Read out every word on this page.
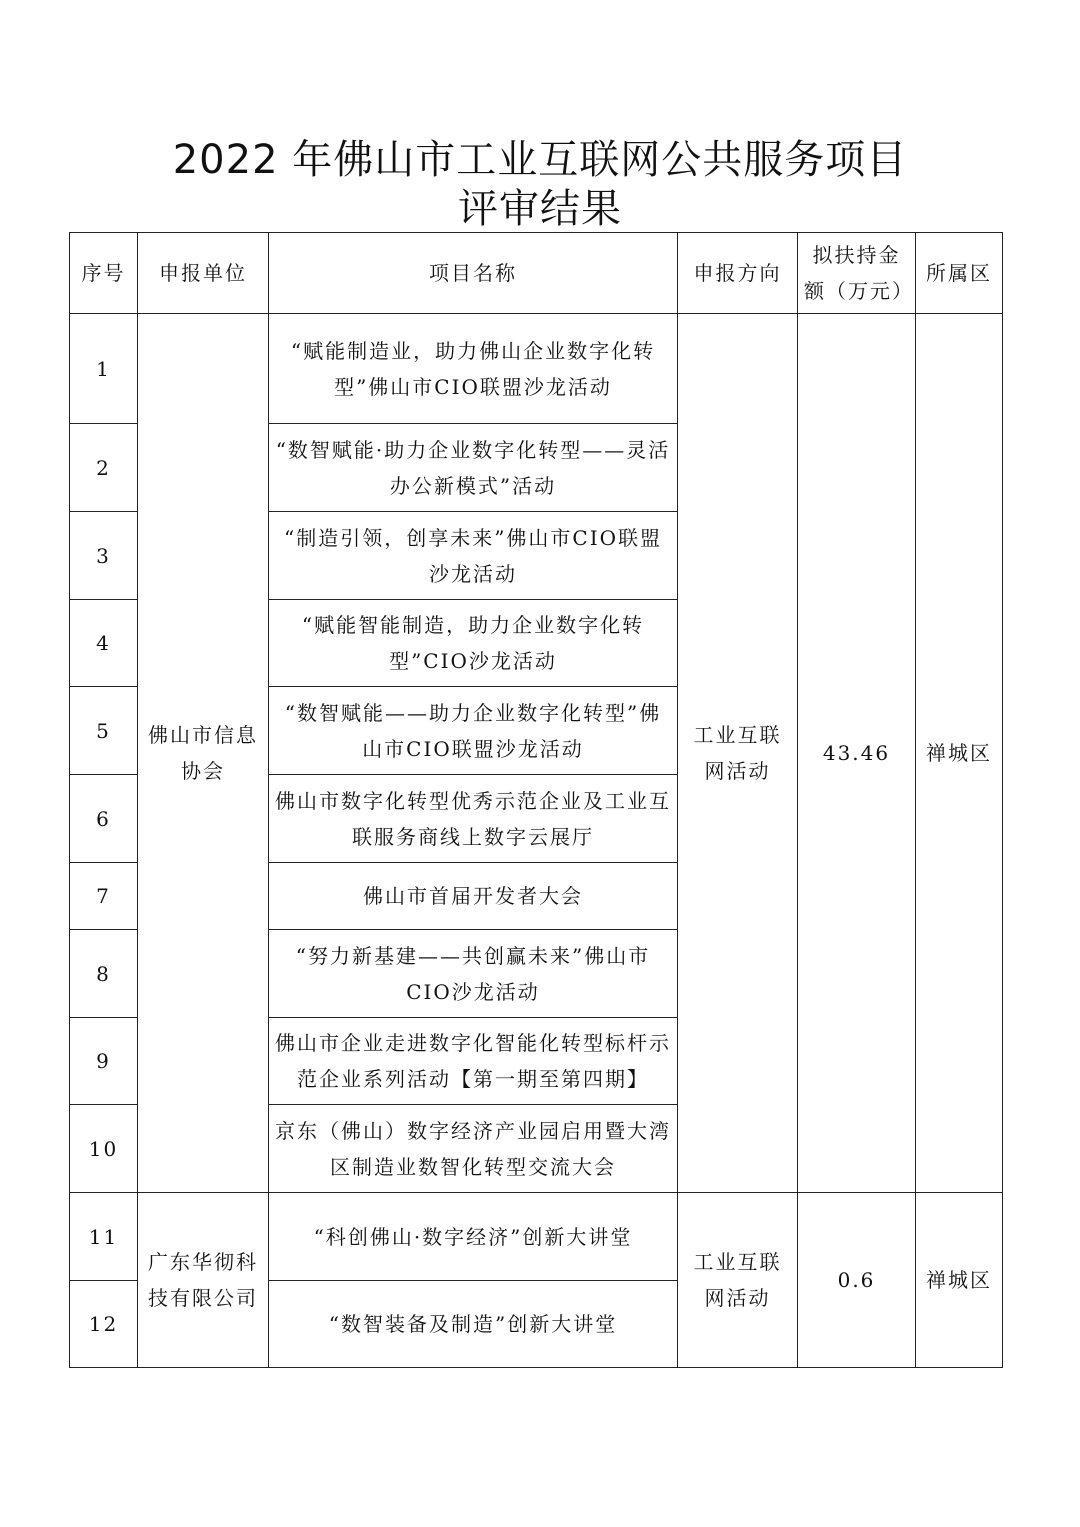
2022 年佛山市工业互联网公共服务项目
评审结果
序号	申报单位	项目名称	申报方向	拟扶持金额（万元）	所属区
1	佛山市信息协会	“赋能制造业，助力佛山企业数字化转型”佛山市CIO联盟沙龙活动	工业互联网活动	43.46	禅城区
2		“数智赋能·助力企业数字化转型——灵活办公新模式”活动			
3		“制造引领，创享未来”佛山市CIO联盟沙龙活动			
4		“赋能智能制造，助力企业数字化转型”CIO沙龙活动			
5		“数智赋能——助力企业数字化转型”佛山市CIO联盟沙龙活动			
6		佛山市数字化转型优秀示范企业及工业互联服务商线上数字云展厅			
7		佛山市首届开发者大会			
8		“努力新基建——共创赢未来”佛山市CIO沙龙活动			
9		佛山市企业走进数字化智能化转型标杆示范企业系列活动【第一期至第四期】			
10		京东（佛山）数字经济产业园启用暨大湾区制造业数智化转型交流大会			
11	广东华彻科技有限公司	“科创佛山·数字经济”创新大讲堂	工业互联网活动	0.6	禅城区
12		“数智装备及制造”创新大讲堂			
